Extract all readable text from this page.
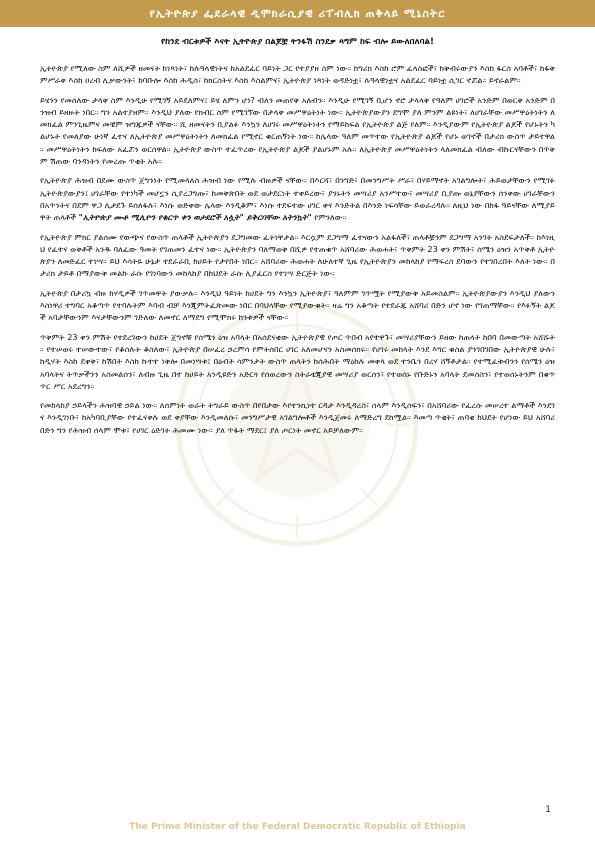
የኢትዮጵያ ፌደራላዊ ዲሞክራሲያዊ ሪፐብሊክ ጠቅላይ ሚኒስትር
የከንደ ብርቱዎች እናት ኢትዮጵያ በልጆቿ ትንፋሽ ስንደቃ ጻግም ከፍ ብሎ ይውለበለባል!

ኢትዮጵያ የሚለው ስም ለሺዎች ዘመናት ከነጻነት፣ ከሉዓላዊነትና ከአልደፈር ባይነት ጋር የተያያዘ ስም ነው። ከግሪክ እስከ ሮም ፈላስፎች፣ ከቅብሩውያን እስከ ፋርስ አባቶች፣ ከፋቅ ምሥራቅ እስከ ዐረብ ሊቃውንት፣ ከባቡሎ እስከ ሕዲስ፣ ከክርስትና እስከ እስልምና፣ ኢትዮጵያ ነጻነት ወዳድነቷ፣ ሉዓላዊነቷና አልደፈር ባይነቷ ሲገር ኖሯል። ይኖራልም።

ይሄንን የመሰለው ታላቅ ስም እንዲሁ የሚገኝ አይደለምና፤ ይሄ ለምን ሆነ? ብለን መጠየቅ አለብን። እንዲሁ የሚገኝ ቢሆን ኖሮ ታላላቅ የዓለም ሀገሮች አንድም በወርቅ አንድም በንዝብ ይዘዙት ነበር። ግን አልተያዘም። እንዲህ ያለው የክብር ስም የሚገኘው በታላቅ መሥዋዕትነት ነው። ኢትዮጵያውያን ደግሞ ያለ ምንም ልዩነት፣ ለሀገራቸው መሥዋዕትነትን ለመክፈል ምንጊዜምና መቼም ዝግጁዎች ናቸው። ሺ ዘመናትን ቢያልፉ እንኳን ለሀገሩ መሥዋዕትነትን የማይከፍል የኢትዮጵያ ልጅ የለም። እንዲያውም የኢትዮጵያ ልጆች የሆኑትን ካልሆኑት የመለያው ሁነኛ ፈተና ለኢትዮጵያ መሥዋዕትነትን ለመክፈል የሚኖር ቁርጠኝነት ነው። ከሌላው ዓለም መጥተው የኢትዮጵያ ልጆች የሆኑ ወገኖች በታሪክ ውስጥ ታይተዋል። መሥዋዕትነትን ከፍለው አፈሯን ወርሰዋል። ኢትዮጵያ ውስጥ ተፈጥረው የኢትዮጵያ ልጆች ያልሆኑም አሉ። ለኢትዮጵያ መሥዋዕትነትን ላለመክፈል ብለው ብኩርናቸውን በጥቅም ሽጠው ባንዳነትን የመረጡ ጥቂት አሉ።

የኢትዮጵያ ሕዝብ በደሙ ውስጥ ጀግንነት የሚመላለስ ሕዝብ ነው የሚሉ ብዙዎች ናቸው። በእርሻ፣ በንግድ፣ በመንግሥት ሥራ፣ በሃይማኖት አገልግሎት፣ ሕይወታቸውን የሚገፉ ኢትዮጵያውያን፤ ሀገራቸው የተነካች መሆኗን ሲያረጋግጡ፣ ከመቅጽበት ወደ ወታደርነት ተቀይረው፣ ያንኑትን መሣሪያ አንሥተው፣ መሣሪያ ቢያጡ ወኔያቸውን ሰንቀው ሀገራቸውን በአጥንትና በደም ዋጋ ሊታደጉ ይሰለፋሉ፣ እነሱ ወድቀው ሌላው እንዲቆም፣ እነሱ ተደፍተው ሀገር ቀና እንድትል በእንድ ነፍሳቸው ይወራረዳሉ። ለዚህ ነው በከፋ ዓይናቸው ለሚያይዋት ጠላቶች "ኢትዮጵያ ሙቶ ሚሊዮን የቁርጥ ቀን ወታደሮች አሏት" ይቅርባቸው አትንኳት" የምንለው።

የኢትዮጵያ ምክር ያልሰሙ የውጭና የውስጥ ጠላቶች ኢትዮጵያን ደጋግመው ፈትነዋታል። እርሷም ደጋግማ ፈተናውን አልፋለች፣ ጠላቶቿንም ደጋግማ አንገት አስደፍታለች። ከእነዚህ የፈተና ወቅቶች አንዱ ባለፈው ዓመት የገጠመን ፈተና ነው። ኢትዮጵያን ባለማወቅ በሺዎ የተጠቁጥ አሸባሪው ሕወሐት፣ ጥቅምት 23 ቀን ምሽት፣ ሰሜን ዕዝን አጥቅቶ ኢትዮጵያን ለመድፈር ተነሣ። ይህ እሳትዬ ሁኔታ ተደራራቢ ከሀይት የታየበት ነበር። አሸባሪው ሕወሐት ለሁለተኛ ጊዜ የኢትዮጵያን መከላከያ የማፍረስ ደባውን የተገበረበት እለት ነው። በታሪክ ታይቶ በማያውቅ መልኩ ራሱ የገነባውን መከላከያ በከህደት ራሱ ሊያፈርስ የተነሣ ድርጅት ነው።

ኢትዮጵያ በታሪኳ ብዙ ከሃዲዎች ገጥመዋት ያውቃሉ። እንዲህ ዓይነት ከሀደት ግን እንኳን ኢትዮጵያ፣ ዓለምም ገጥሟት የሚያውቅ አይመስልም። ኢትዮጵያውያን እንዲህ ያለውን እስነዋሪ ተግባር አቆጣጥ የተባሉትም እባብ ብቻ እንጂምትፈጽመው ነበር በባህላቸው የሚያውቁት። ዛሬ ግን አቆጣት የተደራጁ አሸባሪ በድን ሆኖ ነው የገጠማቸው። የእፉኝት ልጆች አባታቸውንም እናታቸውንም ገድለው ለመኖር ለማደግ የሚሞክሩ ከንቱዎች ናቸው።

ጥቅምት 23 ቀን ምሽት የተደረገውን ከሀደት ጀግኖቹ የሰሜን ዕዝ አባላት በአሰደናቂው ኢትዮጵያዊ የጦር ጥበብ አየተዋጉ፣ መሣሪያቸውን ይዘው ከጠላት ከበባ በመውጣት አሸሹት። የተሠወሩ ተሠውተው፣ የቆሰሉት ቆስለው፣ ኢትዮጵያ በሠፈረ ኃረምሳ የምትሰበር ሀገር አለመሆናን አስመሰክሩ። የሀገሩ መከላት እንደ እግር ቁስል ያንገበገበው ኢትዮጵያዊ ሁሉ፣ ከዲሃት እስከ ደቀቅ፣ ከሽበት እስከ ኩተተ ነቅሎ በመነሣቱ፤ በዕብት ሳምንታት ውስጥ ጠላትን ከሰሕበት ማዕከሉ መቀላ ወደ ተንቤን በረሃ ሸኝቶታል። የተሚፈቱብንን የሰሜን ዕዝ አባላትና ትጥቃችንን አስመልሰን፣ ለብዙ ጊዜ በተ ከሀይት አንዲዩድን አድርጎ የሰወረውን ስትራቴጂያዊ መሣሪያ ወርሰን፣ የተወሰኑ የቡድኑን አባላት ደመስስን፣ የተወሰኑትንም በቁጥጥር ሥር አደረግን።

የመከላከያ ኃይላችን ሕዝባዊ ኃይል ነው። ለሰምነት ወራት ትግራይ ውስጥ በየበታው እየተንኪነተ ርዳታ እንዲዳረስ፣ ሰላም እንዲሰፍን፣ በአሸባሪው የፈረሱ መሠረተ ልማቶች እንደገና እንዲገነቡ፣ ከአካባቢያቸው የተፈናቀሉ ወደ ቀያቸው እንዲመለሱ፣ መንግሥታዊ አገልግሎቶች እንዲጀመሩ ለማድረግ ደከሟል። እመጣ ጥቂት፣ ጠባቂ ከህደት የሆነው ይህ አሸባሪ በድን ግን የሕዝብ ሰላም ሞቱ፣ የሀገር ዕድገት ሕመሙ ነው። ያለ ጥፋት ማደር፤ ያለ ጦርነት መኖር አይቻለውም።

1
The Prime Minister of the Federal Democratic Republic of Ethiopia
